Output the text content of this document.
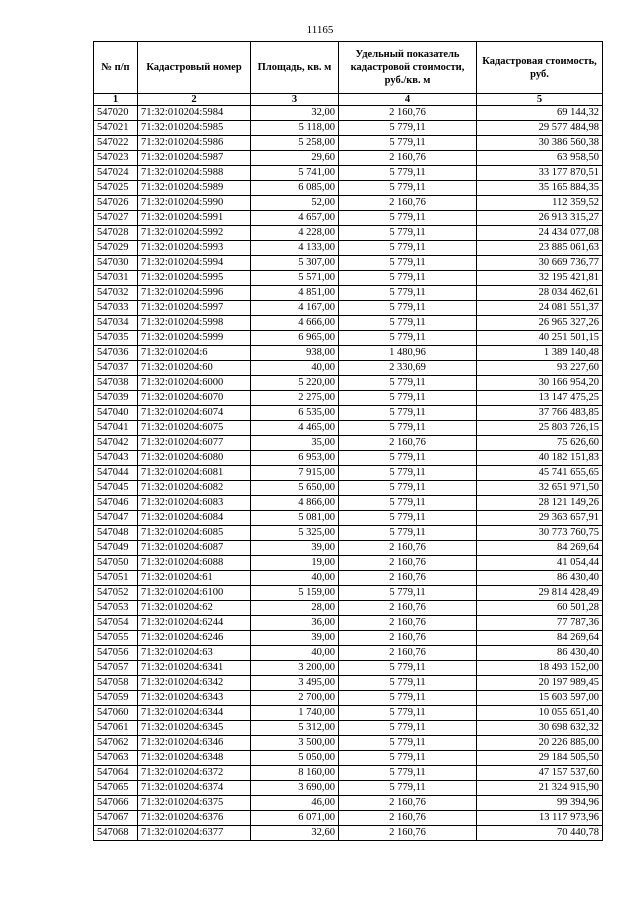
11165
№ п/п	Кадастровый номер	Площадь, кв. м	Удельный показатель кадастровой стоимости, руб./кв. м	Кадастровая стоимость, руб.
1	2	3	4	5
547020	71:32:010204:5984	32,00	2 160,76	69 144,32
547021	71:32:010204:5985	5 118,00	5 779,11	29 577 484,98
547022	71:32:010204:5986	5 258,00	5 779,11	30 386 560,38
547023	71:32:010204:5987	29,60	2 160,76	63 958,50
547024	71:32:010204:5988	5 741,00	5 779,11	33 177 870,51
547025	71:32:010204:5989	6 085,00	5 779,11	35 165 884,35
547026	71:32:010204:5990	52,00	2 160,76	112 359,52
547027	71:32:010204:5991	4 657,00	5 779,11	26 913 315,27
547028	71:32:010204:5992	4 228,00	5 779,11	24 434 077,08
547029	71:32:010204:5993	4 133,00	5 779,11	23 885 061,63
547030	71:32:010204:5994	5 307,00	5 779,11	30 669 736,77
547031	71:32:010204:5995	5 571,00	5 779,11	32 195 421,81
547032	71:32:010204:5996	4 851,00	5 779,11	28 034 462,61
547033	71:32:010204:5997	4 167,00	5 779,11	24 081 551,37
547034	71:32:010204:5998	4 666,00	5 779,11	26 965 327,26
547035	71:32:010204:5999	6 965,00	5 779,11	40 251 501,15
547036	71:32:010204:6	938,00	1 480,96	1 389 140,48
547037	71:32:010204:60	40,00	2 330,69	93 227,60
547038	71:32:010204:6000	5 220,00	5 779,11	30 166 954,20
547039	71:32:010204:6070	2 275,00	5 779,11	13 147 475,25
547040	71:32:010204:6074	6 535,00	5 779,11	37 766 483,85
547041	71:32:010204:6075	4 465,00	5 779,11	25 803 726,15
547042	71:32:010204:6077	35,00	2 160,76	75 626,60
547043	71:32:010204:6080	6 953,00	5 779,11	40 182 151,83
547044	71:32:010204:6081	7 915,00	5 779,11	45 741 655,65
547045	71:32:010204:6082	5 650,00	5 779,11	32 651 971,50
547046	71:32:010204:6083	4 866,00	5 779,11	28 121 149,26
547047	71:32:010204:6084	5 081,00	5 779,11	29 363 657,91
547048	71:32:010204:6085	5 325,00	5 779,11	30 773 760,75
547049	71:32:010204:6087	39,00	2 160,76	84 269,64
547050	71:32:010204:6088	19,00	2 160,76	41 054,44
547051	71:32:010204:61	40,00	2 160,76	86 430,40
547052	71:32:010204:6100	5 159,00	5 779,11	29 814 428,49
547053	71:32:010204:62	28,00	2 160,76	60 501,28
547054	71:32:010204:6244	36,00	2 160,76	77 787,36
547055	71:32:010204:6246	39,00	2 160,76	84 269,64
547056	71:32:010204:63	40,00	2 160,76	86 430,40
547057	71:32:010204:6341	3 200,00	5 779,11	18 493 152,00
547058	71:32:010204:6342	3 495,00	5 779,11	20 197 989,45
547059	71:32:010204:6343	2 700,00	5 779,11	15 603 597,00
547060	71:32:010204:6344	1 740,00	5 779,11	10 055 651,40
547061	71:32:010204:6345	5 312,00	5 779,11	30 698 632,32
547062	71:32:010204:6346	3 500,00	5 779,11	20 226 885,00
547063	71:32:010204:6348	5 050,00	5 779,11	29 184 505,50
547064	71:32:010204:6372	8 160,00	5 779,11	47 157 537,60
547065	71:32:010204:6374	3 690,00	5 779,11	21 324 915,90
547066	71:32:010204:6375	46,00	2 160,76	99 394,96
547067	71:32:010204:6376	6 071,00	2 160,76	13 117 973,96
547068	71:32:010204:6377	32,60	2 160,76	70 440,78
